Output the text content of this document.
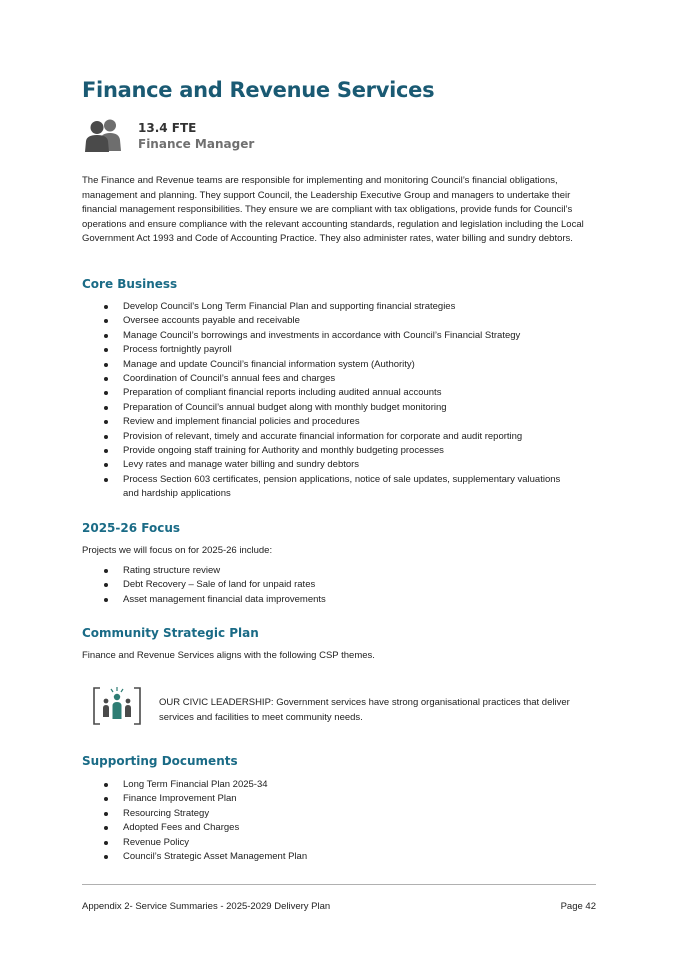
Finance and Revenue Services
13.4 FTE
Finance Manager

The Finance and Revenue teams are responsible for implementing and monitoring Council’s financial obligations, management and planning. They support Council, the Leadership Executive Group and managers to undertake their financial management responsibilities. They ensure we are compliant with tax obligations, provide funds for Council’s operations and ensure compliance with the relevant accounting standards, regulation and legislation including the Local Government Act 1993 and Code of Accounting Practice. They also administer rates, water billing and sundry debtors.

Core Business
Develop Council’s Long Term Financial Plan and supporting financial strategies
Oversee accounts payable and receivable
Manage Council’s borrowings and investments in accordance with Council’s Financial Strategy
Process fortnightly payroll
Manage and update Council’s financial information system (Authority)
Coordination of Council’s annual fees and charges
Preparation of compliant financial reports including audited annual accounts
Preparation of Council’s annual budget along with monthly budget monitoring
Review and implement financial policies and procedures
Provision of relevant, timely and accurate financial information for corporate and audit reporting
Provide ongoing staff training for Authority and monthly budgeting processes
Levy rates and manage water billing and sundry debtors
Process Section 603 certificates, pension applications, notice of sale updates, supplementary valuations and hardship applications
2025-26 Focus

Projects we will focus on for 2025-26 include:

Rating structure review
Debt Recovery – Sale of land for unpaid rates
Asset management financial data improvements
Community Strategic Plan

Finance and Revenue Services aligns with the following CSP themes.

OUR CIVIC LEADERSHIP: Government services have strong organisational practices that deliver services and facilities to meet community needs.

Supporting Documents
Long Term Financial Plan 2025-34
Finance Improvement Plan
Resourcing Strategy
Adopted Fees and Charges
Revenue Policy
Council’s Strategic Asset Management Plan
Appendix 2- Service Summaries - 2025-2029 Delivery Plan	Page 42
